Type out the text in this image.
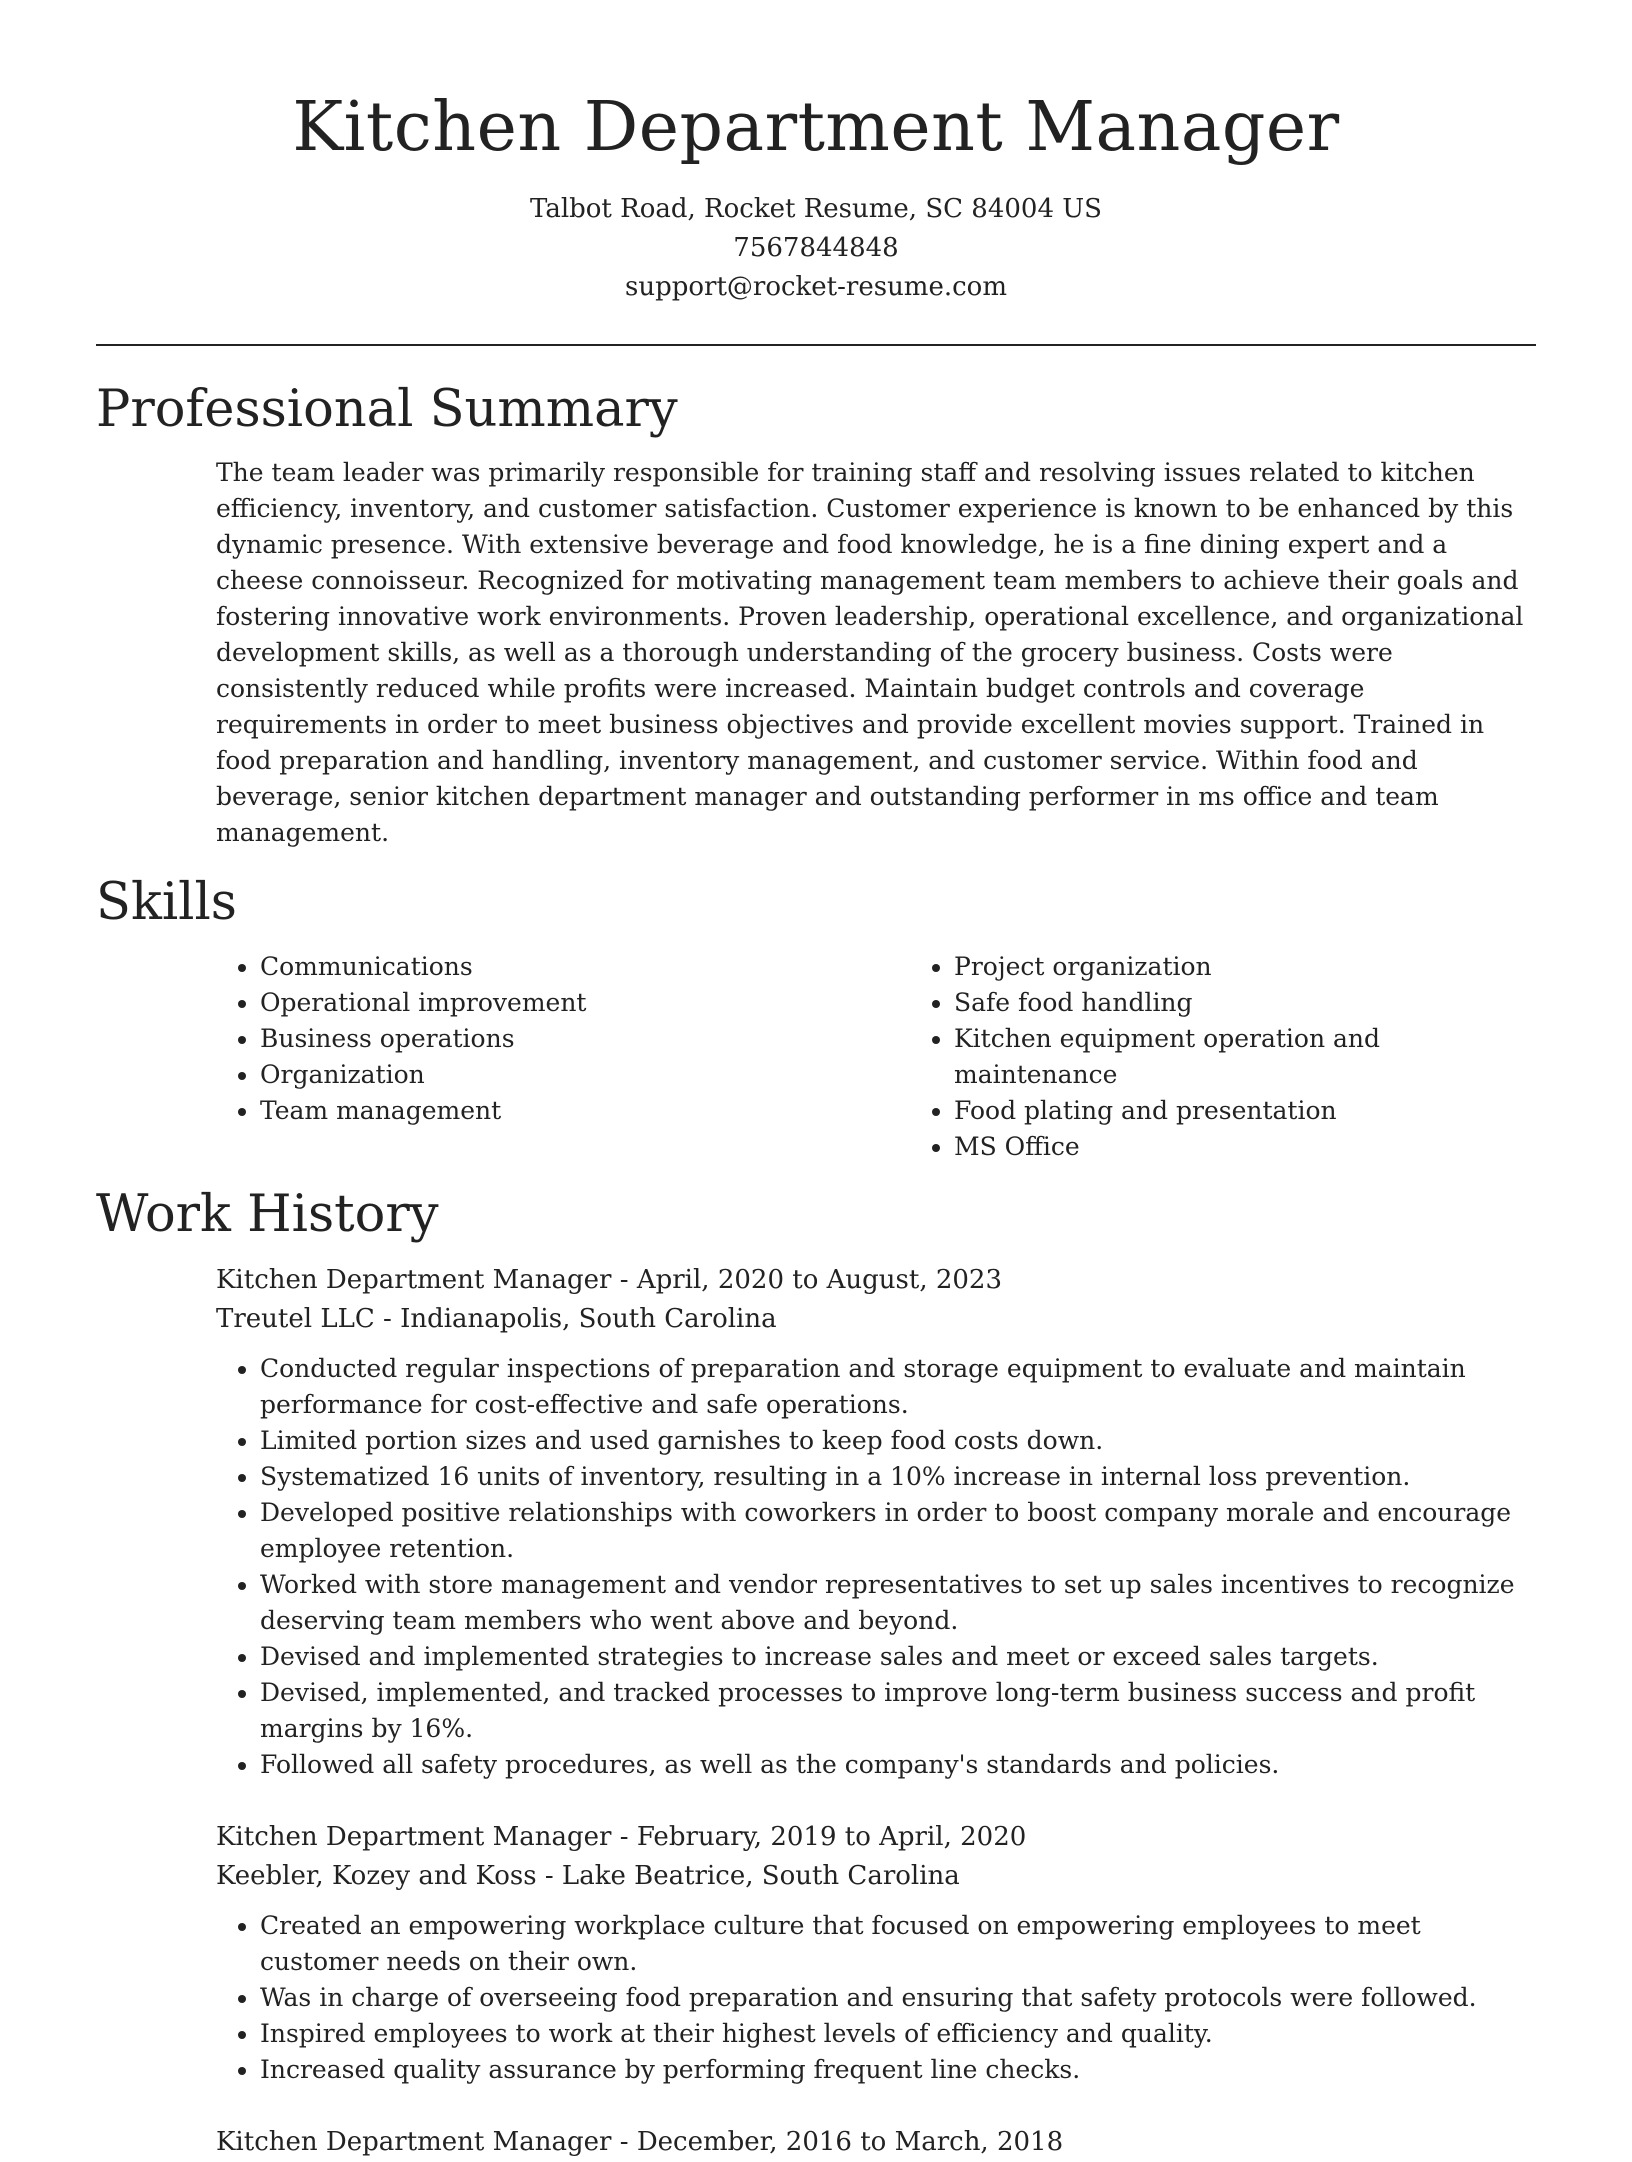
Kitchen Department Manager
Talbot Road, Rocket Resume, SC 84004 US
7567844848
support@rocket-resume.com
Professional Summary
The team leader was primarily responsible for training staff and resolving issues related to kitchen efficiency, inventory, and customer satisfaction. Customer experience is known to be enhanced by this dynamic presence. With extensive beverage and food knowledge, he is a fine dining expert and a cheese connoisseur. Recognized for motivating management team members to achieve their goals and fostering innovative work environments. Proven leadership, operational excellence, and organizational development skills, as well as a thorough understanding of the grocery business. Costs were consistently reduced while profits were increased. Maintain budget controls and coverage requirements in order to meet business objectives and provide excellent movies support. Trained in food preparation and handling, inventory management, and customer service. Within food and beverage, senior kitchen department manager and outstanding performer in ms office and team management.
Skills
• Communications
• Operational improvement
• Business operations
• Organization
• Team management
• Project organization
• Safe food handling
• Kitchen equipment operation and maintenance
• Food plating and presentation
• MS Office
Work History
Kitchen Department Manager - April, 2020 to August, 2023
Treutel LLC - Indianapolis, South Carolina
• Conducted regular inspections of preparation and storage equipment to evaluate and maintain performance for cost-effective and safe operations.
• Limited portion sizes and used garnishes to keep food costs down.
• Systematized 16 units of inventory, resulting in a 10% increase in internal loss prevention.
• Developed positive relationships with coworkers in order to boost company morale and encourage employee retention.
• Worked with store management and vendor representatives to set up sales incentives to recognize deserving team members who went above and beyond.
• Devised and implemented strategies to increase sales and meet or exceed sales targets.
• Devised, implemented, and tracked processes to improve long-term business success and profit margins by 16%.
• Followed all safety procedures, as well as the company's standards and policies.
Kitchen Department Manager - February, 2019 to April, 2020
Keebler, Kozey and Koss - Lake Beatrice, South Carolina
• Created an empowering workplace culture that focused on empowering employees to meet customer needs on their own.
• Was in charge of overseeing food preparation and ensuring that safety protocols were followed.
• Inspired employees to work at their highest levels of efficiency and quality.
• Increased quality assurance by performing frequent line checks.
Kitchen Department Manager - December, 2016 to March, 2018
